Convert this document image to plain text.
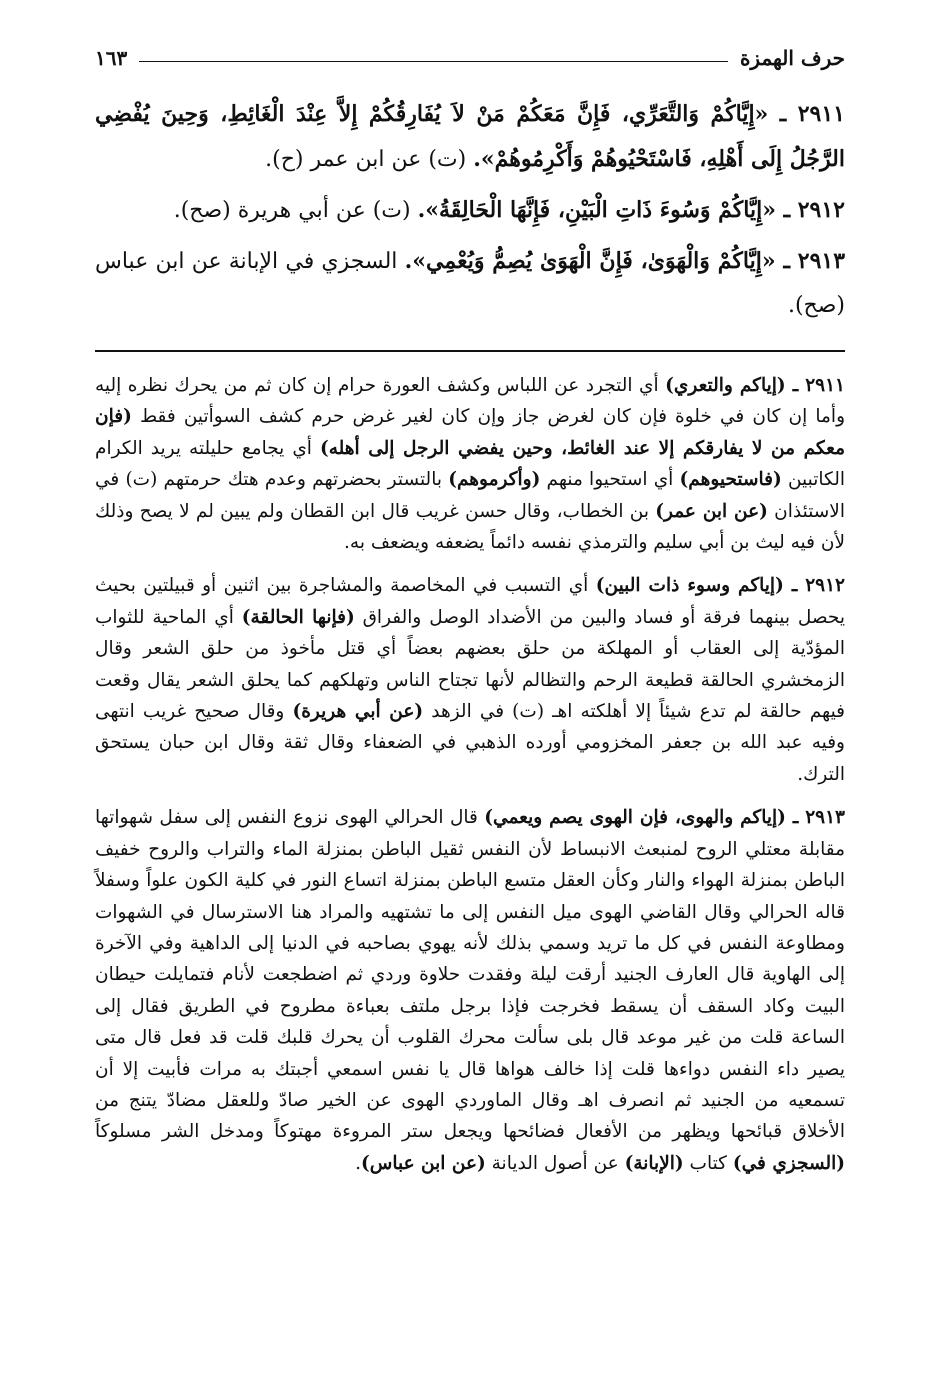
حرف الهمزة
١٦٣
٢٩١١ ـ «إِيَّاكُمْ وَالتَّعَرِّي، فَإِنَّ مَعَكُمْ مَنْ لاَ يُفَارِقُكُمْ إِلاَّ عِنْدَ الْغَائِطِ، وَحِينَ يُفْضِي الرَّجُلُ إِلَى أَهْلِهِ، فَاسْتَحْيُوهُمْ وَأَكْرِمُوهُمْ». (ت) عن ابن عمر (ح).
٢٩١٢ ـ «إِيَّاكُمْ وَسُوءَ ذَاتِ الْبَيْنِ، فَإِنَّهَا الْحَالِقَةُ». (ت) عن أبي هريرة (صح).
٢٩١٣ ـ «إِيَّاكُمْ وَالْهَوَىٰ، فَإِنَّ الْهَوَىٰ يُصِمُّ وَيُعْمِي». السجزي في الإبانة عن ابن عباس (صح).

٢٩١١ ـ (إياكم والتعري) أي التجرد عن اللباس وكشف العورة حرام إن كان ثم من يحرك نظره إليه وأما إن كان في خلوة فإن كان لغرض جاز وإن كان لغير غرض حرم كشف السوأتين فقط (فإن معكم من لا يفارقكم إلا عند الغائط، وحين يفضي الرجل إلى أهله) أي يجامع حليلته يريد الكرام الكاتبين (فاستحيوهم) أي استحيوا منهم (وأكرموهم) بالتستر بحضرتهم وعدم هتك حرمتهم (ت) في الاستئذان (عن ابن عمر) بن الخطاب، وقال حسن غريب قال ابن القطان ولم يبين لم لا يصح وذلك لأن فيه ليث بن أبي سليم والترمذي نفسه دائماً يضعفه ويضعف به.

٢٩١٢ ـ (إياكم وسوء ذات البين) أي التسبب في المخاصمة والمشاجرة بين اثنين أو قبيلتين بحيث يحصل بينهما فرقة أو فساد والبين من الأضداد الوصل والفراق (فإنها الحالقة) أي الماحية للثواب المؤدّية إلى العقاب أو المهلكة من حلق بعضهم بعضاً أي قتل مأخوذ من حلق الشعر وقال الزمخشري الحالقة قطيعة الرحم والتظالم لأنها تجتاح الناس وتهلكهم كما يحلق الشعر يقال وقعت فيهم حالقة لم تدع شيئاً إلا أهلكته اهـ (ت) في الزهد (عن أبي هريرة) وقال صحيح غريب انتهى وفيه عبد الله بن جعفر المخزومي أورده الذهبي في الضعفاء وقال ثقة وقال ابن حبان يستحق الترك.

٢٩١٣ ـ (إياكم والهوى، فإن الهوى يصم ويعمي) قال الحرالي الهوى نزوع النفس إلى سفل شهواتها مقابلة معتلي الروح لمنبعث الانبساط لأن النفس ثقيل الباطن بمنزلة الماء والتراب والروح خفيف الباطن بمنزلة الهواء والنار وكأن العقل متسع الباطن بمنزلة اتساع النور في كلية الكون علواً وسفلاً قاله الحرالي وقال القاضي الهوى ميل النفس إلى ما تشتهيه والمراد هنا الاسترسال في الشهوات ومطاوعة النفس في كل ما تريد وسمي بذلك لأنه يهوي بصاحبه في الدنيا إلى الداهية وفي الآخرة إلى الهاوية قال العارف الجنيد أرقت ليلة وفقدت حلاوة وردي ثم اضطجعت لأنام فتمايلت حيطان البيت وكاد السقف أن يسقط فخرجت فإذا برجل ملتف بعباءة مطروح في الطريق فقال إلى الساعة قلت من غير موعد قال بلى سألت محرك القلوب أن يحرك قلبك قلت قد فعل قال متى يصير داء النفس دواءها قلت إذا خالف هواها قال يا نفس اسمعي أجبتك به مرات فأبيت إلا أن تسمعيه من الجنيد ثم انصرف اهـ وقال الماوردي الهوى عن الخير صادّ وللعقل مضادّ يتنج من الأخلاق قبائحها ويظهر من الأفعال فضائحها ويجعل ستر المروءة مهتوكاً ومدخل الشر مسلوكاً (السجزي في) كتاب (الإبانة) عن أصول الديانة (عن ابن عباس).
